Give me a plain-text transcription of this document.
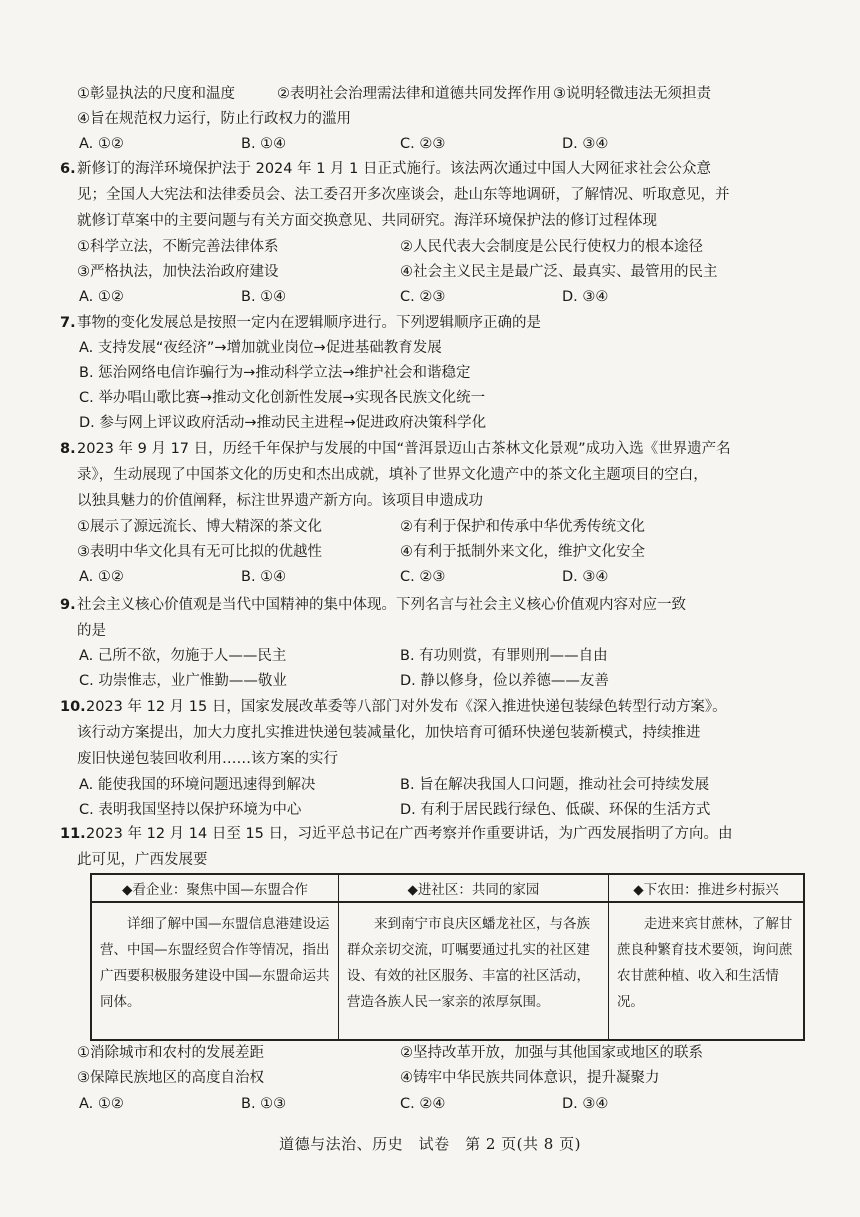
①彰显执法的尺度和温度	②表明社会治理需法律和道德共同发挥作用 ③说明轻微违法无须担责
④旨在规范权力运行，防止行政权力的滥用
A. ①②	B. ①④	C. ②③	D. ③④
6. 新修订的海洋环境保护法于 2024 年 1 月 1 日正式施行。该法两次通过中国人大网征求社会公众意
见；全国人大宪法和法律委员会、法工委召开多次座谈会，赴山东等地调研，了解情况、听取意见，并
就修订草案中的主要问题与有关方面交换意见、共同研究。海洋环境保护法的修订过程体现
①科学立法，不断完善法律体系	②人民代表大会制度是公民行使权力的根本途径
③严格执法，加快法治政府建设	④社会主义民主是最广泛、最真实、最管用的民主
A. ①②	B. ①④	C. ②③	D. ③④
7. 事物的变化发展总是按照一定内在逻辑顺序进行。下列逻辑顺序正确的是
A. 支持发展“夜经济”→增加就业岗位→促进基础教育发展
B. 惩治网络电信诈骗行为→推动科学立法→维护社会和谐稳定
C. 举办唱山歌比赛→推动文化创新性发展→实现各民族文化统一
D. 参与网上评议政府活动→推动民主进程→促进政府决策科学化
8. 2023 年 9 月 17 日，历经千年保护与发展的中国“普洱景迈山古茶林文化景观”成功入选《世界遗产名
录》，生动展现了中国茶文化的历史和杰出成就，填补了世界文化遗产中的茶文化主题项目的空白，
以独具魅力的价值阐释，标注世界遗产新方向。该项目申遗成功
①展示了源远流长、博大精深的茶文化	②有利于保护和传承中华优秀传统文化
③表明中华文化具有无可比拟的优越性	④有利于抵制外来文化，维护文化安全
A. ①②	B. ①④	C. ②③	D. ③④
9. 社会主义核心价值观是当代中国精神的集中体现。下列名言与社会主义核心价值观内容对应一致
的是
A. 己所不欲，勿施于人——民主	B. 有功则赏，有罪则刑——自由
C. 功崇惟志，业广惟勤——敬业	D. 静以修身，俭以养德——友善
10. 2023 年 12 月 15 日，国家发展改革委等八部门对外发布《深入推进快递包装绿色转型行动方案》。
该行动方案提出，加大力度扎实推进快递包装减量化，加快培育可循环快递包装新模式，持续推进
废旧快递包装回收利用……该方案的实行
A. 能使我国的环境问题迅速得到解决	B. 旨在解决我国人口问题，推动社会可持续发展
C. 表明我国坚持以保护环境为中心	D. 有利于居民践行绿色、低碳、环保的生活方式
11. 2023 年 12 月 14 日至 15 日，习近平总书记在广西考察并作重要讲话，为广西发展指明了方向。由
此可见，广西发展要
◆看企业：聚焦中国—东盟合作	◆进社区：共同的家园	◆下农田：推进乡村振兴

详细了解中国—东盟信息港建设运营、中国—东盟经贸合作等情况，指出广西要积极服务建设中国—东盟命运共同体。	来到南宁市良庆区蟠龙社区，与各族群众亲切交流，叮嘱要通过扎实的社区建设、有效的社区服务、丰富的社区活动，营造各族人民一家亲的浓厚氛围。	走进来宾甘蔗林，了解甘蔗良种繁育技术要领，询问蔗农甘蔗种植、收入和生活情况。
①消除城市和农村的发展差距	②坚持改革开放，加强与其他国家或地区的联系
③保障民族地区的高度自治权	④铸牢中华民族共同体意识，提升凝聚力
A. ①②	B. ①③	C. ②④	D. ③④
道德与法治、历史　试卷　第 2 页(共 8 页)
